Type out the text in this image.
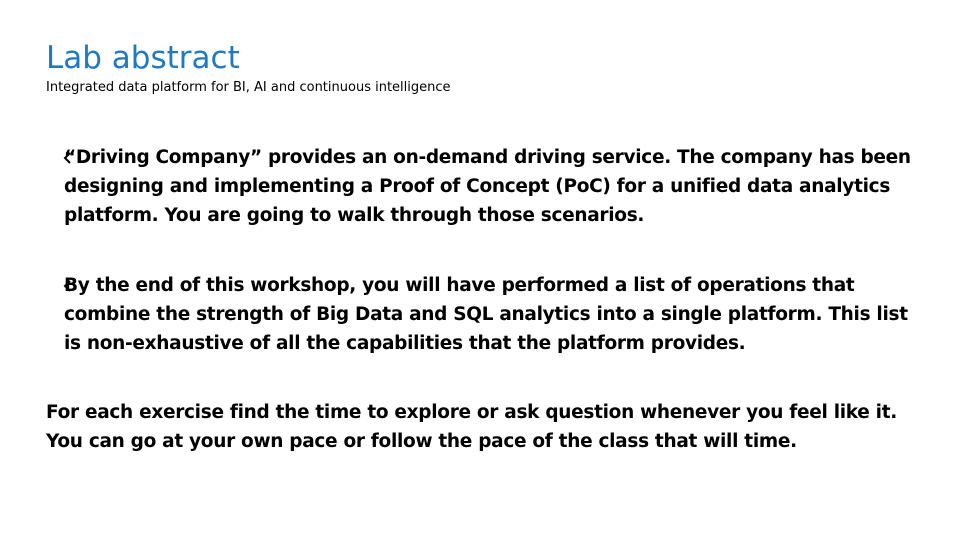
Lab abstract

Integrated data platform for BI, AI and continuous intelligence

“Driving Company” provides an on-demand driving service. The company has been designing and implementing a Proof of Concept (PoC) for a unified data analytics platform. You are going to walk through those scenarios.
By the end of this workshop, you will have performed a list of operations that combine the strength of Big Data and SQL analytics into a single platform. This list is non-exhaustive of all the capabilities that the platform provides.

For each exercise find the time to explore or ask question whenever you feel like it. You can go at your own pace or follow the pace of the class that will time.
